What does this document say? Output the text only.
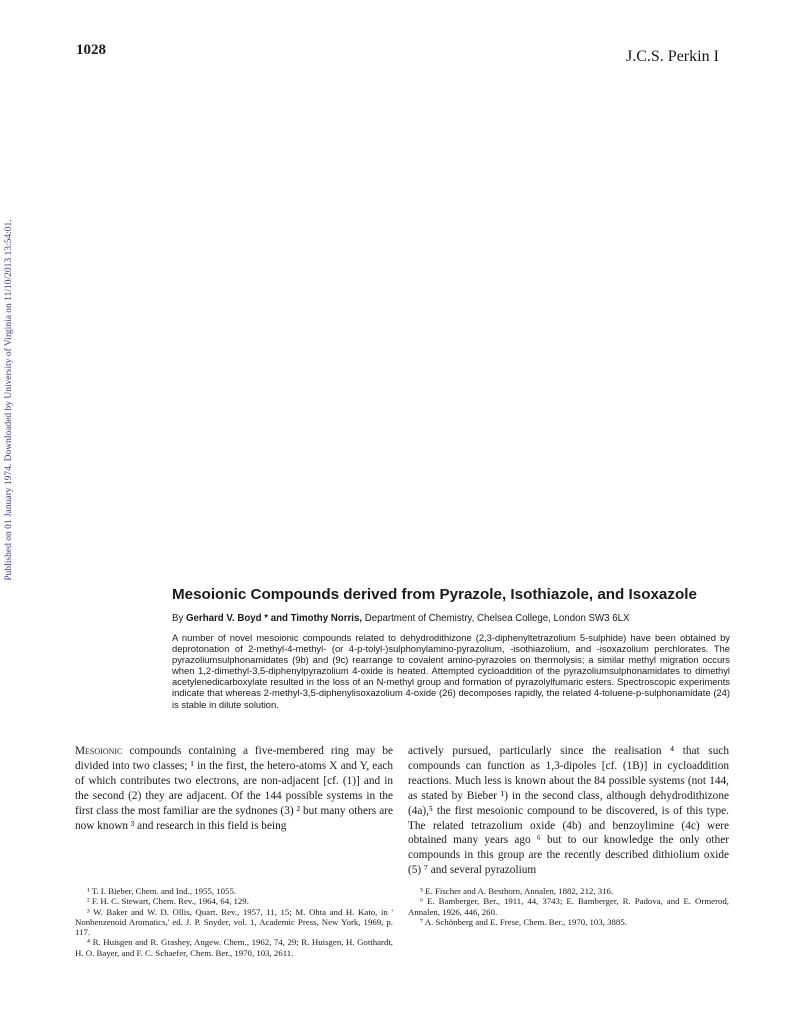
1028	J.C.S. Perkin I
Published on 01 January 1974. Downloaded by University of Virginia on 11/10/2013 13:54:01.
Mesoionic Compounds derived from Pyrazole, Isothiazole, and Isoxazole
By Gerhard V. Boyd * and Timothy Norris, Department of Chemistry, Chelsea College, London SW3 6LX
A number of novel mesoionic compounds related to dehydrodithizone (2,3-diphenyltetrazolium 5-sulphide) have been obtained by deprotonation of 2-methyl-4-methyl- (or 4-p-tolyl-)sulphonylamino-pyrazolium, -isothiazolium, and -isoxazolium perchlorates. The pyrazoliumsulphonamidates (9b) and (9c) rearrange to covalent amino-pyrazoles on thermolysis; a similar methyl migration occurs when 1,2-dimethyl-3,5-diphenylpyrazolium 4-oxide is heated. Attempted cycloaddition of the pyrazoliumsulphonamidates to dimethyl acetylenedicarboxylate resulted in the loss of an N-methyl group and formation of pyrazolylfumaric esters. Spectroscopic experiments indicate that whereas 2-methyl-3,5-diphenylisoxazolium 4-oxide (26) decomposes rapidly, the related 4-toluene-p-sulphonamidate (24) is stable in dilute solution.
Mesoionic compounds containing a five-membered ring may be divided into two classes; ¹ in the first, the hetero-atoms X and Y, each of which contributes two electrons, are non-adjacent [cf. (1)] and in the second (2) they are adjacent. Of the 144 possible systems in the first class the most familiar are the sydnones (3) ² but many others are now known ³ and research in this field is being
actively pursued, particularly since the realisation ⁴ that such compounds can function as 1,3-dipoles [cf. (1B)] in cycloaddition reactions. Much less is known about the 84 possible systems (not 144, as stated by Bieber ¹) in the second class, although dehydrodithizone (4a),⁵ the first mesoionic compound to be discovered, is of this type. The related tetrazolium oxide (4b) and benzoylimine (4c) were obtained many years ago ⁶ but to our knowledge the only other compounds in this group are the recently described dithiolium oxide (5) ⁷ and several pyrazolium
¹ T. I. Bieber, Chem. and Ind., 1955, 1055.
² F. H. C. Stewart, Chem. Rev., 1964, 64, 129.
³ W. Baker and W. D. Ollis, Quart. Rev., 1957, 11, 15; M. Ohta and H. Kato, in ' Nonbenzenoid Aromatics,' ed. J. P. Snyder, vol. 1, Academic Press, New York, 1969, p. 117.
⁴ R. Huisgen and R. Grashey, Angew. Chem., 1962, 74, 29; R. Huisgen, H. Gotthardt, H. O. Bayer, and F. C. Schaefer, Chem. Ber., 1970, 103, 2611.
⁵ E. Fischer and A. Besthorn, Annalen, 1882, 212, 316.
⁶ E. Bamberger, Ber., 1911, 44, 3743; E. Bamberger, R. Padova, and E. Ormerod, Annalen, 1926, 446, 260.
⁷ A. Schönberg and E. Frese, Chem. Ber., 1970, 103, 3885.
